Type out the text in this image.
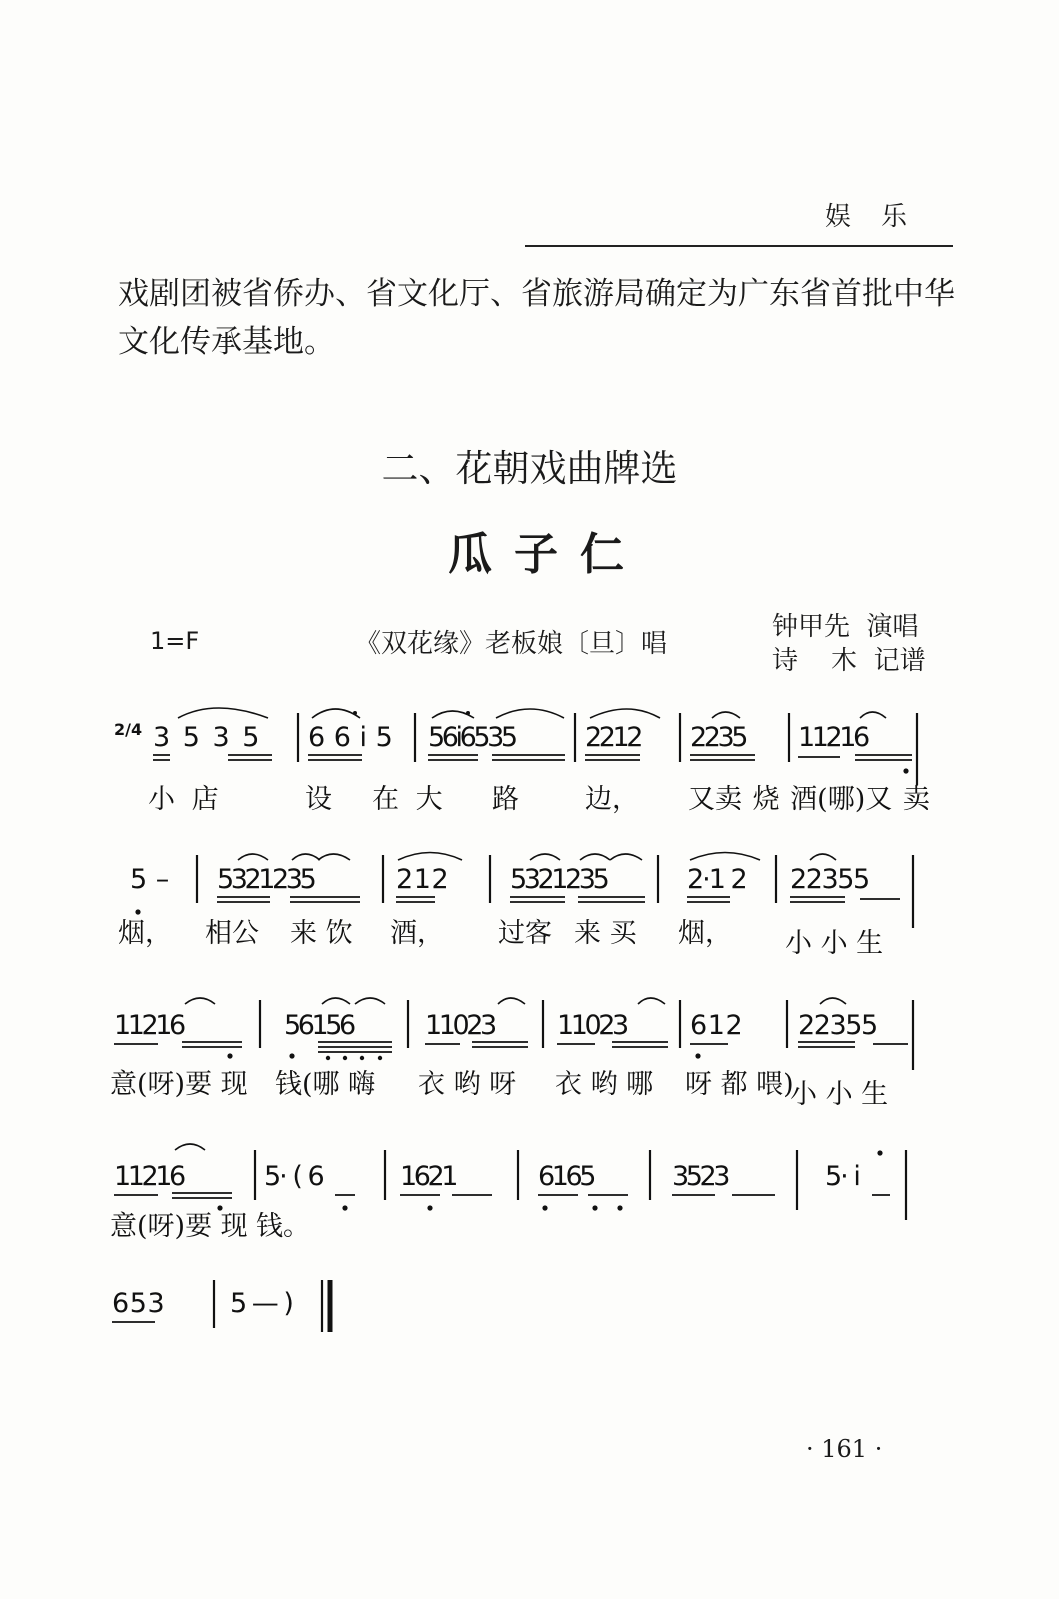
娱乐
戏剧团被省侨办、省文化厅、省旅游局确定为广东省首批中华
文化传承基地。
二、花朝戏曲牌选
瓜子仁
1=F	《双花缘》老板娘〔旦〕唱
钟甲先  演唱
诗    木  记谱
2/4 3 5 3 5 6 6 i 5 5 6 i 6 5 3 5	2 2 1 2 2 2 3 5 1 1 2 1 6
小 店	设 在 大 路 边， 又卖 烧 酒(哪)又 卖
5 – 5 3 2 1 2 3 5	2 1 2 5 3 2 1 2 3 5	2·1 2 2 2 3 5 5
烟， 相公 来 饮 酒， 过客 来 买 烟， 小 小 生
1 1 2 1 6	5 6 1 5 6	1 1 0 2 3 1 1 0 2 3 6 1 2 2 2 3 5 5
意(呀)要 现 钱(哪 嗨 衣 哟 呀 衣 哟 哪 呀 都 喂)
小 小 生
1 1 2 1 6	5· ( 6	1 6 2 1	6 1 6 5	3 5 2 3	5· i
意(呀)要 现 钱。
6 5 3	5 — )
· 161 ·
